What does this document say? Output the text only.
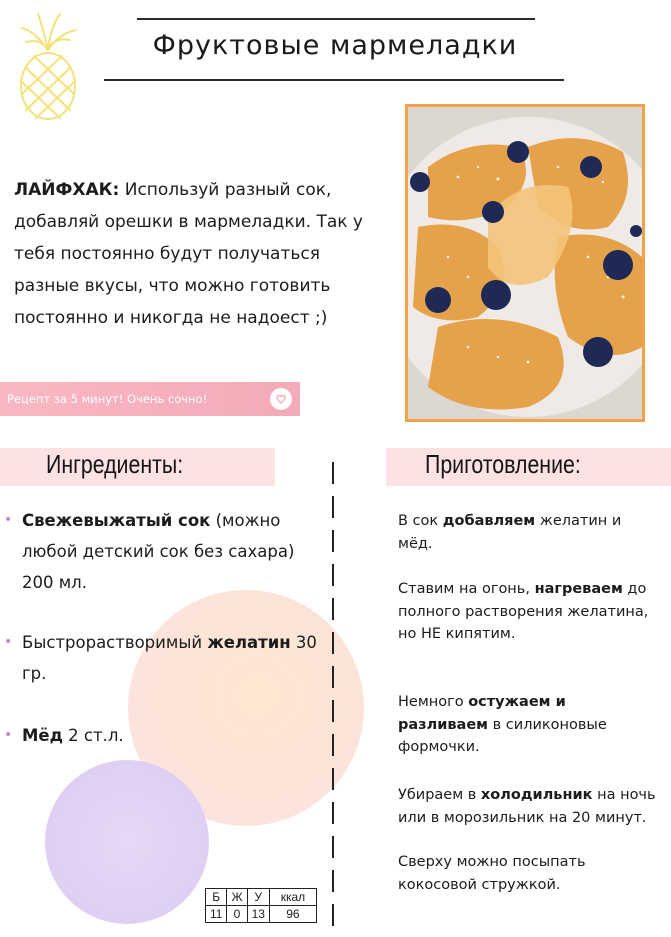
Фруктовые мармеладки
ЛАЙФХАК: Используй разный сок, добавляй орешки в мармеладки. Так у тебя постоянно будут получаться разные вкусы, что можно готовить постоянно и никогда не надоест ;)
Рецепт за 5 минут! Очень сочно!
Ингредиенты:	Приготовление:
• Свежевыжатый сок (можно любой детский сок без сахара) 200 мл.
• Быстрорастворимый желатин 30 гр.
• Мёд 2 ст.л.
В сок добавляем желатин и мёд.
Ставим на огонь, нагреваем до полного растворения желатина, но НЕ кипятим.
Немного остужаем и разливаем в силиконовые формочки.
Убираем в холодильник на ночь или в морозильник на 20 минут.
Сверху можно посыпать кокосовой стружкой.
Б	Ж	У	ккал
11	0	13	96
